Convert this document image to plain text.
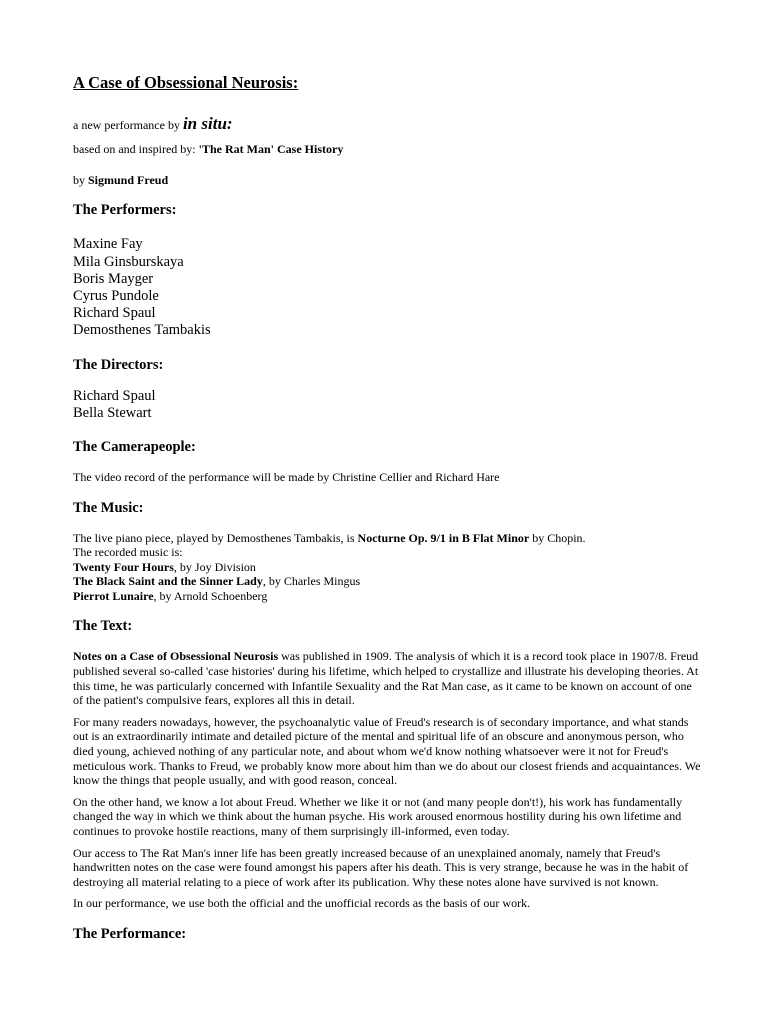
A Case of Obsessional Neurosis:

a new performance by in situ:

based on and inspired by: 'The Rat Man' Case History

by Sigmund Freud

The Performers:
Maxine Fay
Mila Ginsburskaya
Boris Mayger
Cyrus Pundole
Richard Spaul
Demosthenes Tambakis
The Directors:
Richard Spaul
Bella Stewart
The Camerapeople:

The video record of the performance will be made by Christine Cellier and Richard Hare

The Music:
The live piano piece, played by Demosthenes Tambakis, is Nocturne Op. 9/1 in B Flat Minor by Chopin.
The recorded music is:
Twenty Four Hours, by Joy Division
The Black Saint and the Sinner Lady, by Charles Mingus
Pierrot Lunaire, by Arnold Schoenberg
The Text:

Notes on a Case of Obsessional Neurosis was published in 1909. The analysis of which it is a record took place in 1907/8. Freud published several so-called 'case histories' during his lifetime, which helped to crystallize and illustrate his developing theories. At this time, he was particularly concerned with Infantile Sexuality and the Rat Man case, as it came to be known on account of one of the patient's compulsive fears, explores all this in detail.

For many readers nowadays, however, the psychoanalytic value of Freud's research is of secondary importance, and what stands out is an extraordinarily intimate and detailed picture of the mental and spiritual life of an obscure and anonymous person, who died young, achieved nothing of any particular note, and about whom we'd know nothing whatsoever were it not for Freud's meticulous work. Thanks to Freud, we probably know more about him than we do about our closest friends and acquaintances. We know the things that people usually, and with good reason, conceal.

On the other hand, we know a lot about Freud. Whether we like it or not (and many people don't!), his work has fundamentally changed the way in which we think about the human psyche. His work aroused enormous hostility during his own lifetime and continues to provoke hostile reactions, many of them surprisingly ill-informed, even today.

Our access to The Rat Man's inner life has been greatly increased because of an unexplained anomaly, namely that Freud's handwritten notes on the case were found amongst his papers after his death. This is very strange, because he was in the habit of destroying all material relating to a piece of work after its publication. Why these notes alone have survived is not known.

In our performance, we use both the official and the unofficial records as the basis of our work.

The Performance:
